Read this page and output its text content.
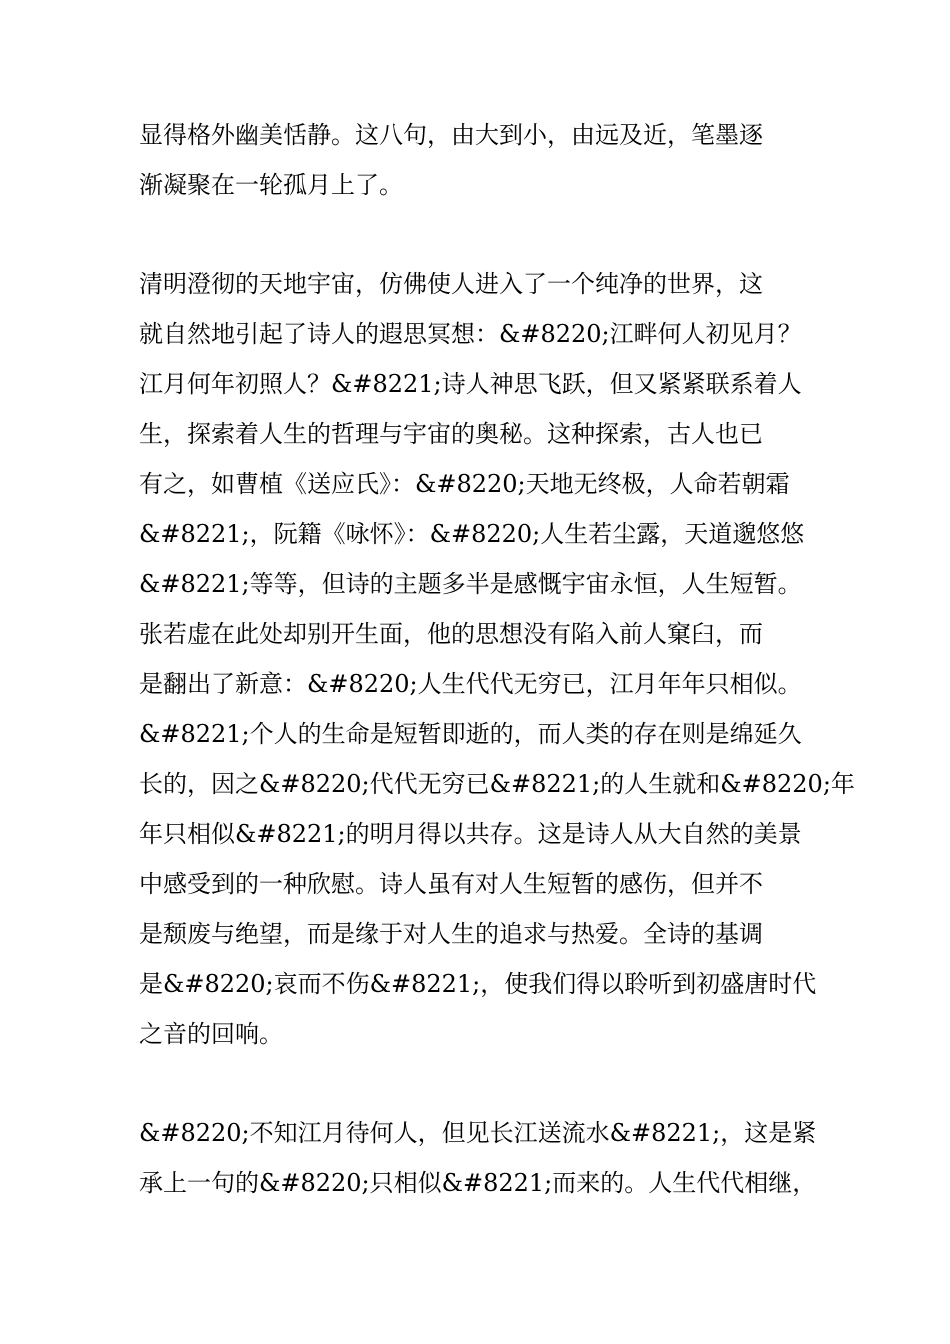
显得格外幽美恬静。这八句，由大到小，由远及近，笔墨逐
渐凝聚在一轮孤月上了。

清明澄彻的天地宇宙，仿佛使人进入了一个纯净的世界，这
就自然地引起了诗人的遐思冥想：&#8220;江畔何人初见月？
江月何年初照人？&#8221;诗人神思飞跃，但又紧紧联系着人
生，探索着人生的哲理与宇宙的奥秘。这种探索，古人也已
有之，如曹植《送应氏》：&#8220;天地无终极，人命若朝霜
&#8221;，阮籍《咏怀》：&#8220;人生若尘露，天道邈悠悠
&#8221;等等，但诗的主题多半是感慨宇宙永恒，人生短暂。
张若虚在此处却别开生面，他的思想没有陷入前人窠臼，而
是翻出了新意：&#8220;人生代代无穷已，江月年年只相似。
&#8221;个人的生命是短暂即逝的，而人类的存在则是绵延久
长的，因之&#8220;代代无穷已&#8221;的人生就和&#8220;年
年只相似&#8221;的明月得以共存。这是诗人从大自然的美景
中感受到的一种欣慰。诗人虽有对人生短暂的感伤，但并不
是颓废与绝望，而是缘于对人生的追求与热爱。全诗的基调
是&#8220;哀而不伤&#8221;，使我们得以聆听到初盛唐时代
之音的回响。

&#8220;不知江月待何人，但见长江送流水&#8221;，这是紧
承上一句的&#8220;只相似&#8221;而来的。人生代代相继，
